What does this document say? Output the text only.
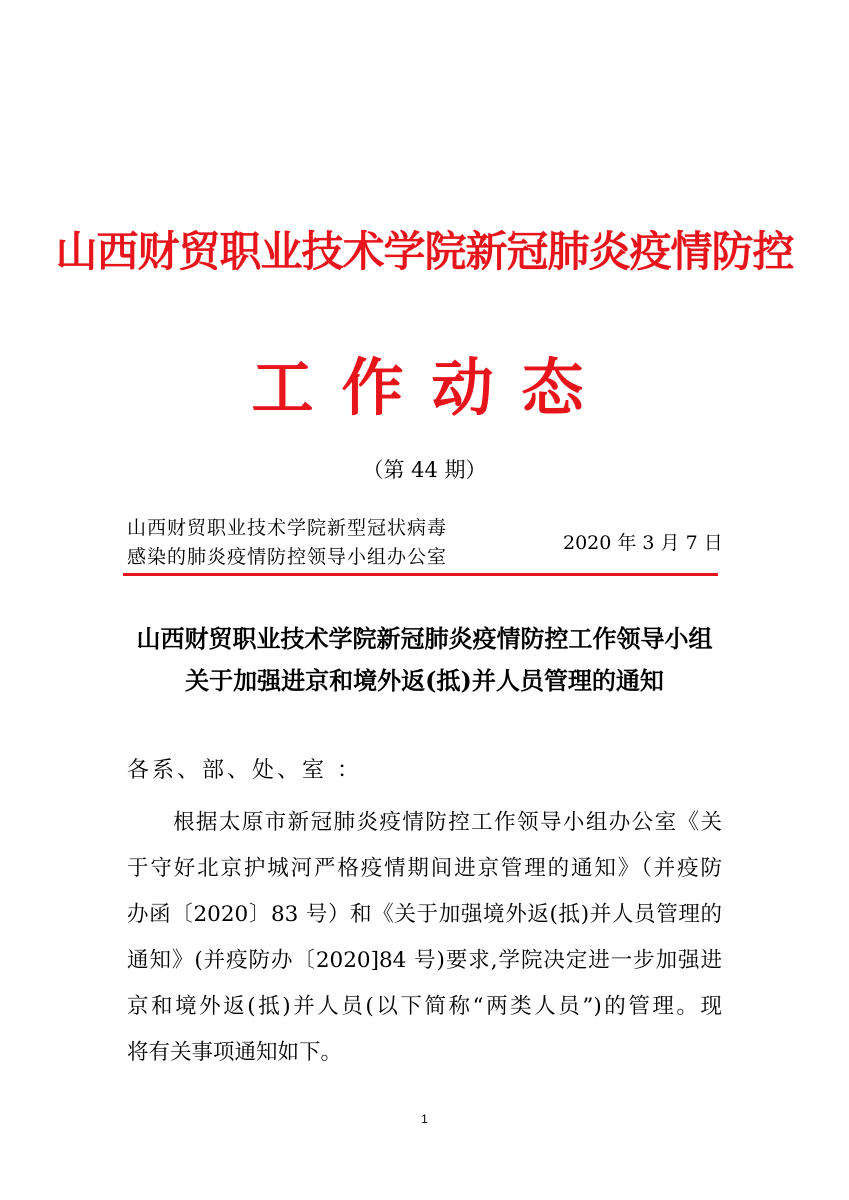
山西财贸职业技术学院新冠肺炎疫情防控
工作动态
（第 44 期）
山西财贸职业技术学院新型冠状病毒
感染的肺炎疫情防控领导小组办公室
2020 年 3 月 7 日
山西财贸职业技术学院新冠肺炎疫情防控工作领导小组
关于加强进京和境外返(抵)并人员管理的通知
各系、部、处、室 ：
根据太原市新冠肺炎疫情防控工作领导小组办公室《关
于守好北京护城河严格疫情期间进京管理的通知》（并疫防
办函〔2020〕83 号）和《关于加强境外返(抵)并人员管理的
通知》(并疫防办〔2020]84 号)要求,学院决定进一步加强进
京和境外返(抵)并人员(以下简称“两类人员”)的管理。现
将有关事项通知如下。
1
